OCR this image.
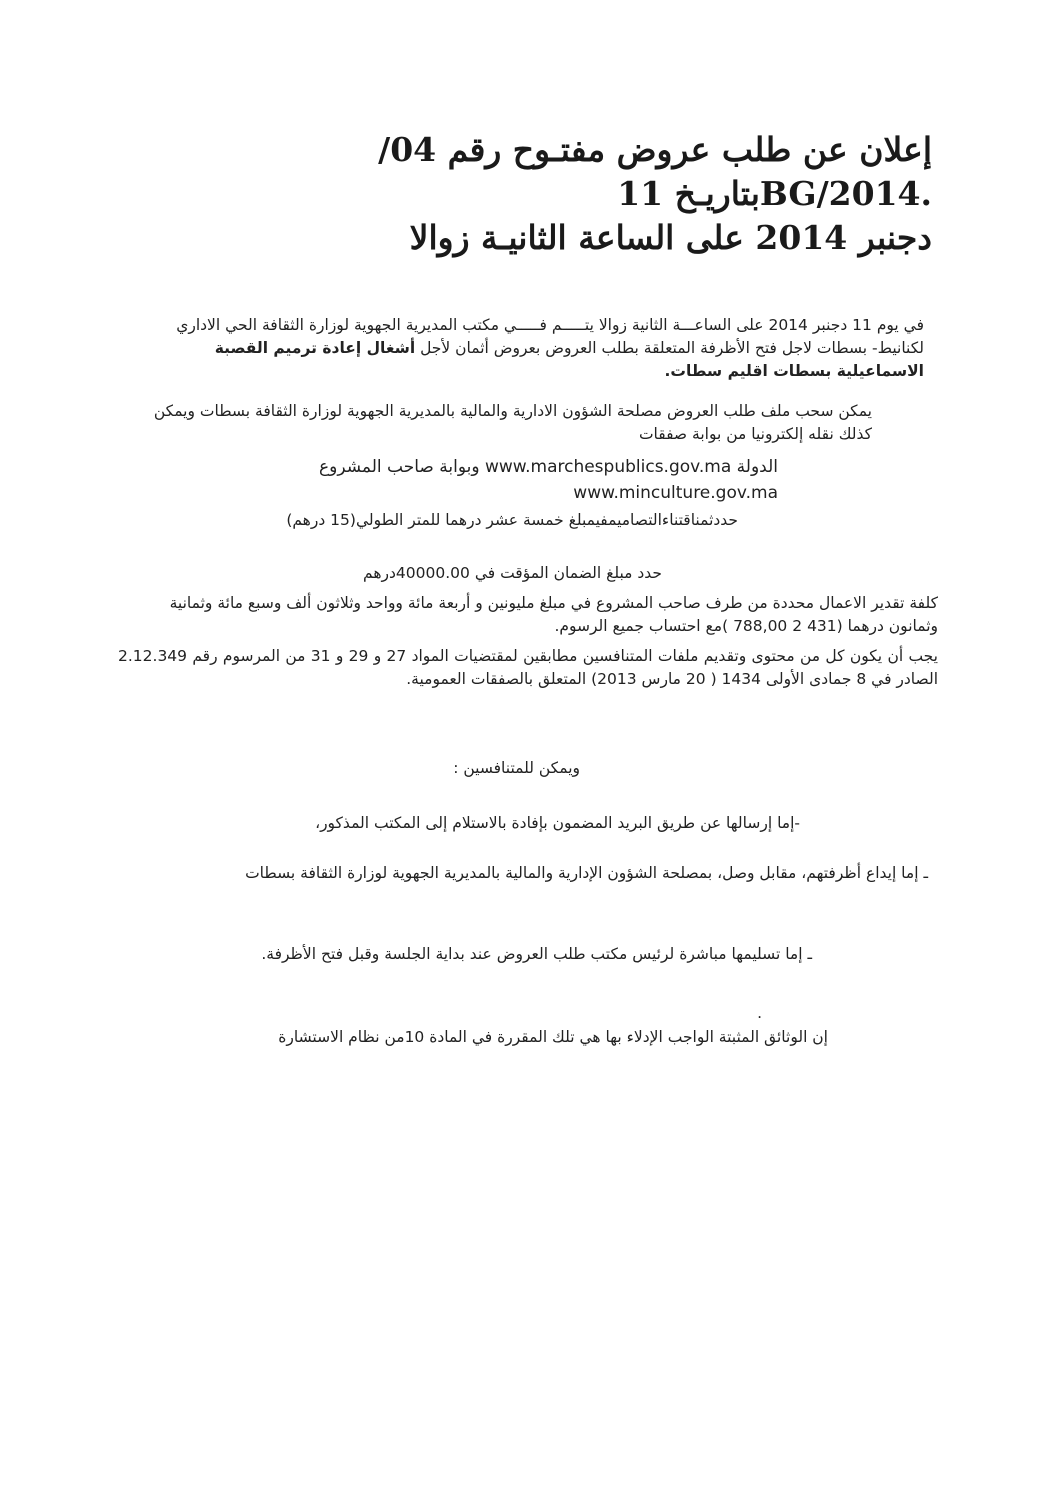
إعلان عن طلب عروض مفتـوح رقم 04/ .BG/2014بتاريـخ 11
دجنبر 2014 على الساعة الثانيـة زوالا

في يوم 11 دجنبر 2014 على الساعـــة الثانية زوالا يتـــــم فـــــي مكتب المديرية الجهوية لوزارة الثقافة الحي الاداري لكنانيط- بسطات لاجل فتح الأظرفة المتعلقة بطلب العروض بعروض أثمان لأجل أشغال إعادة ترميم القصبة الاسماعيلية بسطات اقليم سطات.

يمكن سحب ملف طلب العروض مصلحة الشؤون الادارية والمالية بالمديرية الجهوية لوزارة الثقافة بسطات ويمكن كذلك نقله إلكترونيا من بوابة صفقات

الدولة www.marchespublics.gov.ma وبوابة صاحب المشروع www.minculture.gov.ma

حددثمناقتناءالتصاميمفيمبلغ خمسة عشر درهما للمتر الطولي(15 درهم)

حدد مبلغ الضمان المؤقت في 40000.00درهم

كلفة تقدير الاعمال محددة من طرف صاحب المشروع في مبلغ مليونين و أربعة مائة وواحد وثلاثون ألف وسبع مائة وثمانية وثمانون درهما (431 2 788,00 )مع احتساب جميع الرسوم.

يجب أن يكون كل من محتوى وتقديم ملفات المتنافسين مطابقين لمقتضيات المواد 27 و 29 و 31 من المرسوم رقم 2.12.349 الصادر في 8 جمادى الأولى 1434 ( 20 مارس 2013) المتعلق بالصفقات العمومية.

ويمكن للمتنافسين :

-إما إرسالها عن طريق البريد المضمون بإفادة بالاستلام إلى المكتب المذكور،

ـ إما إيداع أظرفتهم، مقابل وصل، بمصلحة الشؤون الإدارية والمالية بالمديرية الجهوية لوزارة الثقافة بسطات

ـ إما تسليمها مباشرة لرئيس مكتب طلب العروض عند بداية الجلسة وقبل فتح الأظرفة.

.

إن الوثائق المثبتة الواجب الإدلاء بها هي تلك المقررة في المادة 10من نظام الاستشارة
